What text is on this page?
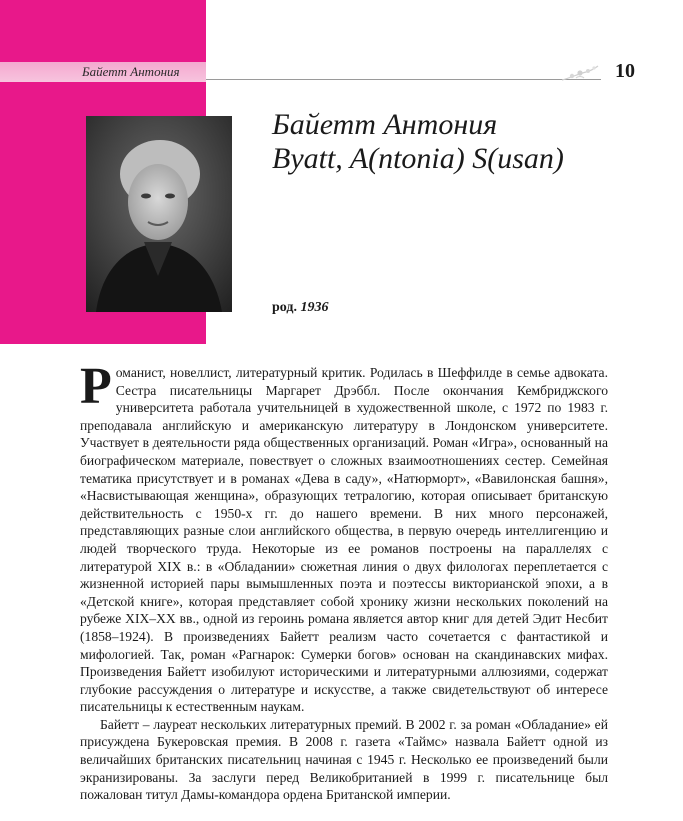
Байетт Антония	10
Байетт Антония
Byatt, A(ntonia) S(usan)
род. 1936

Романист, новеллист, литературный критик. Родилась в Шеффилде в семье адвоката. Сестра писательницы Маргарет Дрэббл. После окончания Кембриджского университета работала учительницей в художественной школе, с 1972 по 1983 г. преподавала английскую и американскую литературу в Лондонском университете. Участвует в деятельности ряда общественных организаций. Роман «Игра», основанный на биографическом материале, повествует о сложных взаимоотношениях сестер. Семейная тематика присутствует и в романах «Дева в саду», «Натюрморт», «Вавилонская башня», «Насвистывающая женщина», образующих тетралогию, которая описывает британскую действительность с 1950-х гг. до нашего времени. В них много персонажей, представляющих разные слои английского общества, в первую очередь интеллигенцию и людей творческого труда. Некоторые из ее романов построены на параллелях с литературой XIX в.: в «Обладании» сюжетная линия о двух филологах переплетается с жизненной историей пары вымышленных поэта и поэтессы викторианской эпохи, а в «Детской книге», которая представляет собой хронику жизни нескольких поколений на рубеже XIX–XX вв., одной из героинь романа является автор книг для детей Эдит Несбит (1858–1924). В произведениях Байетт реализм часто сочетается с фантастикой и мифологией. Так, роман «Рагнарок: Сумерки богов» основан на скандинавских мифах. Произведения Байетт изобилуют историческими и литературными аллюзиями, содержат глубокие рассуждения о литературе и искусстве, а также свидетельствуют об интересе писательницы к естественным наукам.

Байетт – лауреат нескольких литературных премий. В 2002 г. за роман «Обладание» ей присуждена Букеровская премия. В 2008 г. газета «Таймс» назвала Байетт одной из величайших британских писательниц начиная с 1945 г. Несколько ее произведений были экранизированы. За заслуги перед Великобританией в 1999 г. писательнице был пожалован титул Дамы-командора ордена Британской империи.
